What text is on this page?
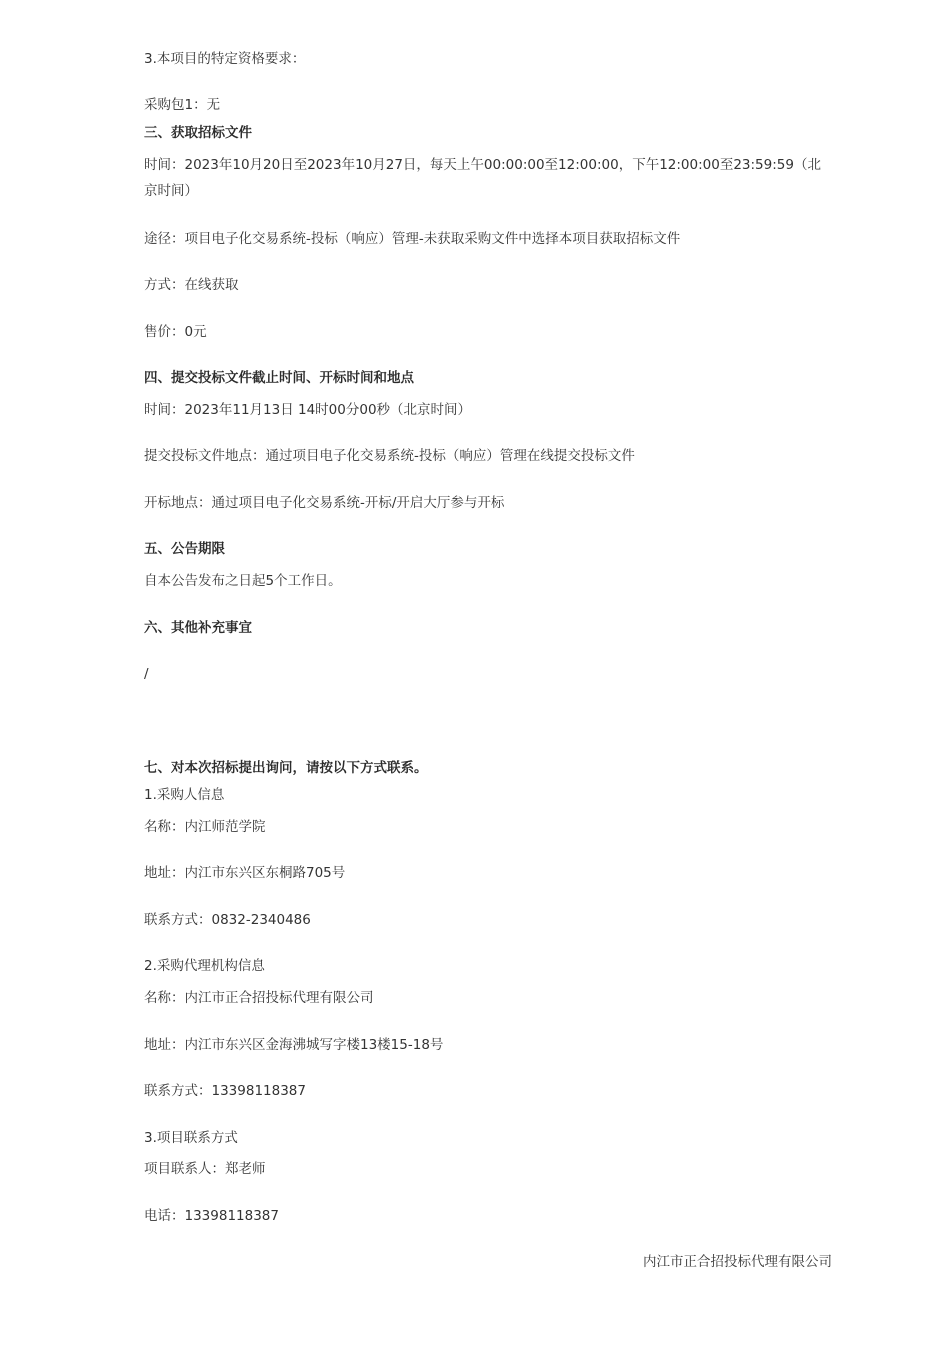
3.本项目的特定资格要求：
采购包1：无
三、获取招标文件
时间：2023年10月20日至2023年10月27日，每天上午00:00:00至12:00:00，下午12:00:00至23:59:59（北京时间）
途径：项目电子化交易系统-投标（响应）管理-未获取采购文件中选择本项目获取招标文件
方式：在线获取
售价：0元
四、提交投标文件截止时间、开标时间和地点
时间：2023年11月13日 14时00分00秒（北京时间）
提交投标文件地点：通过项目电子化交易系统-投标（响应）管理在线提交投标文件
开标地点：通过项目电子化交易系统-开标/开启大厅参与开标
五、公告期限
自本公告发布之日起5个工作日。
六、其他补充事宜
/
七、对本次招标提出询问，请按以下方式联系。
1.采购人信息
名称：内江师范学院
地址：内江市东兴区东桐路705号
联系方式：0832-2340486
2.采购代理机构信息
名称：内江市正合招投标代理有限公司
地址：内江市东兴区金海沸城写字楼13楼15-18号
联系方式：13398118387
3.项目联系方式
项目联系人：郑老师
电话：13398118387
内江市正合招投标代理有限公司
